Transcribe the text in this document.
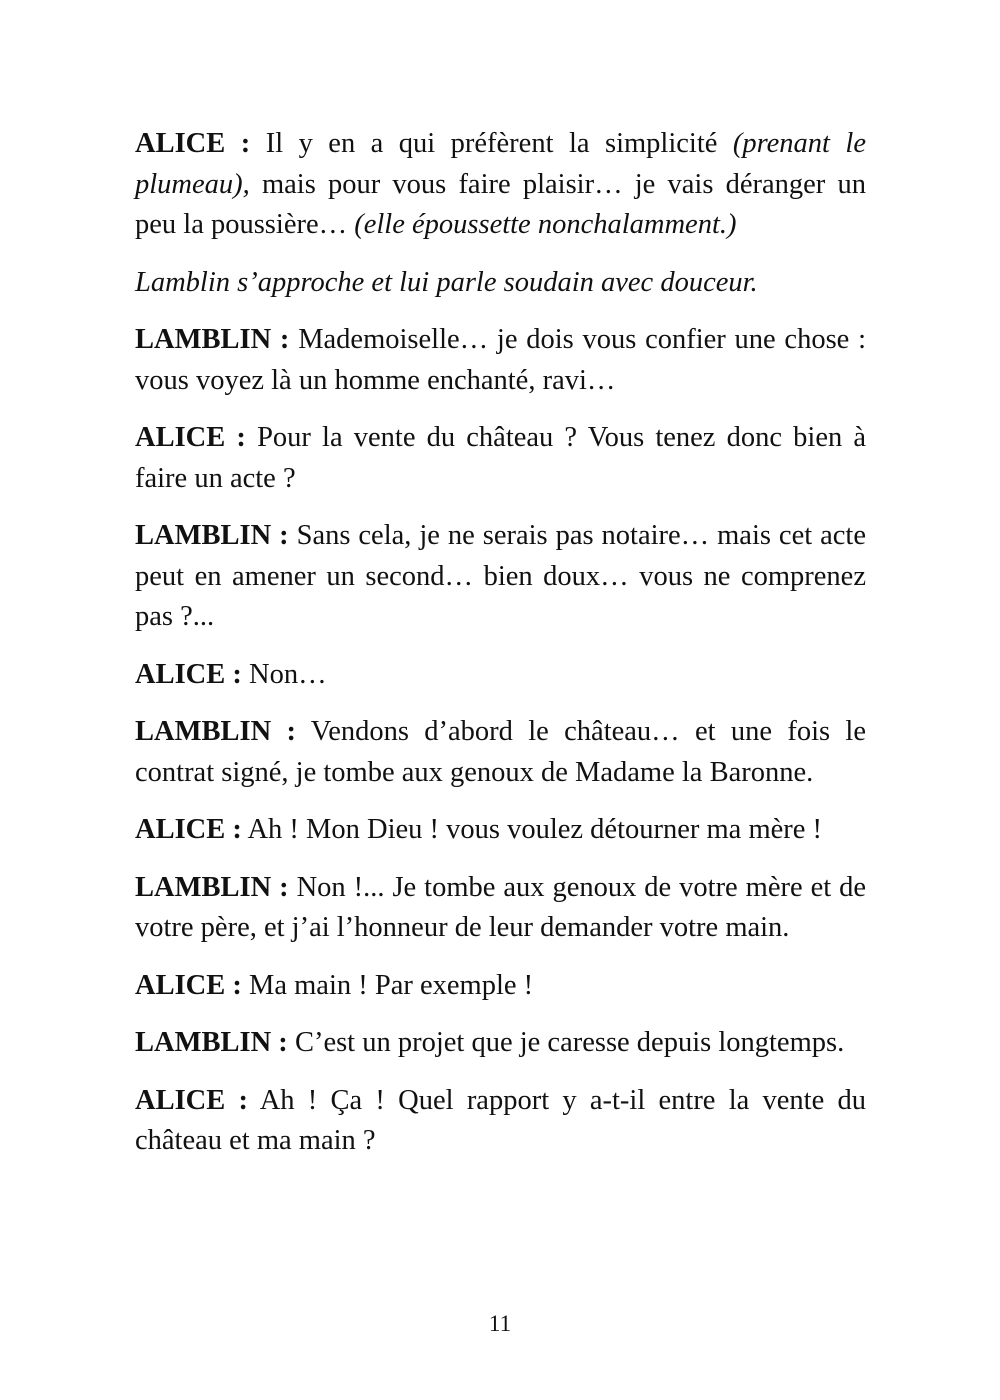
ALICE : Il y en a qui préfèrent la simplicité (prenant le plumeau), mais pour vous faire plaisir… je vais déranger un peu la poussière… (elle époussette nonchalamment.)

Lamblin s’approche et lui parle soudain avec douceur.

LAMBLIN : Mademoiselle… je dois vous confier une chose : vous voyez là un homme enchanté, ravi…

ALICE : Pour la vente du château ? Vous tenez donc bien à faire un acte ?

LAMBLIN : Sans cela, je ne serais pas notaire… mais cet acte peut en amener un second… bien doux… vous ne comprenez pas ?...

ALICE : Non…

LAMBLIN : Vendons d’abord le château… et une fois le contrat signé, je tombe aux genoux de Madame la Baronne.

ALICE : Ah ! Mon Dieu ! vous voulez détourner ma mère !

LAMBLIN : Non !... Je tombe aux genoux de votre mère et de votre père, et j’ai l’honneur de leur demander votre main.

ALICE : Ma main ! Par exemple !

LAMBLIN : C’est un projet que je caresse depuis longtemps.

ALICE : Ah ! Ça ! Quel rapport y a-t-il entre la vente du château et ma main ?

11
